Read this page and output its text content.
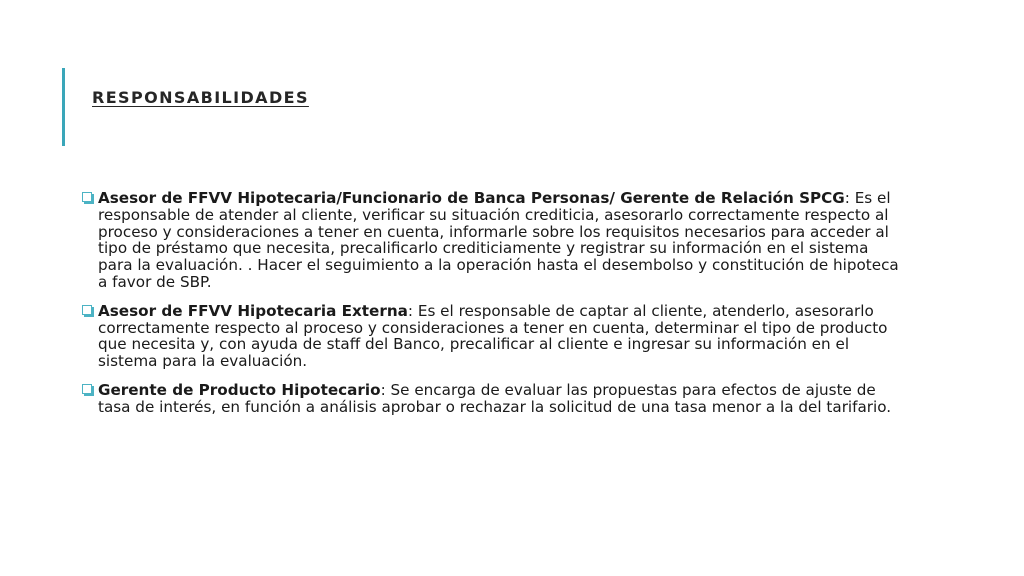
RESPONSABILIDADES
Asesor de FFVV Hipotecaria/Funcionario de Banca Personas/ Gerente de Relación SPCG: Es el responsable de atender al cliente, verificar su situación crediticia, asesorarlo correctamente respecto al proceso y consideraciones a tener en cuenta, informarle sobre los requisitos necesarios para acceder al tipo de préstamo que necesita, precalificarlo crediticiamente y registrar su información en el sistema para la evaluación. . Hacer el seguimiento a la operación hasta el desembolso y constitución de hipoteca a favor de SBP.
Asesor de FFVV Hipotecaria Externa: Es el responsable de captar al cliente, atenderlo, asesorarlo correctamente respecto al proceso y consideraciones a tener en cuenta, determinar el tipo de producto que necesita y, con ayuda de staff del Banco, precalificar al cliente e ingresar su información en el sistema para la evaluación.
Gerente de Producto Hipotecario: Se encarga de evaluar las propuestas para efectos de ajuste de tasa de interés, en función a análisis aprobar o rechazar la solicitud de una tasa menor a la del tarifario.
